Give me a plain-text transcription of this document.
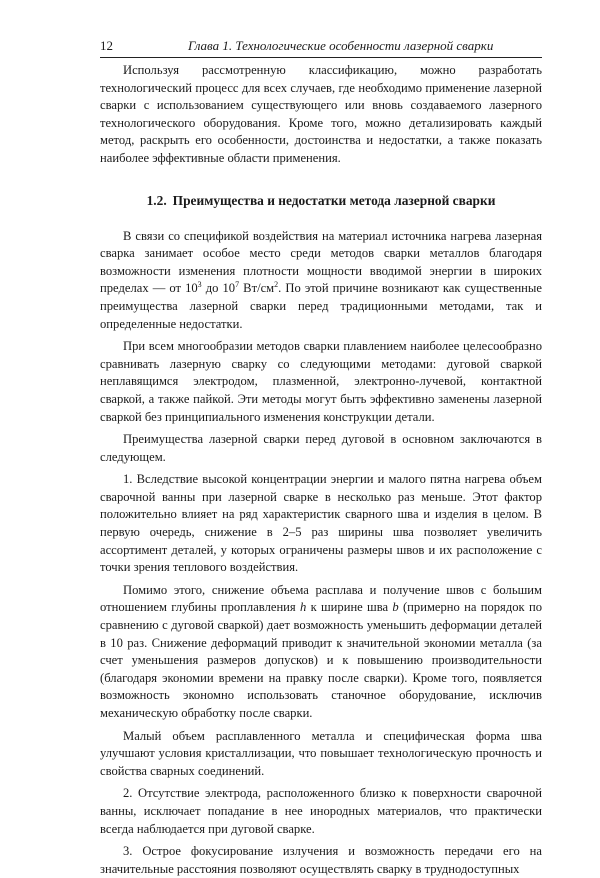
12	Глава 1. Технологические особенности лазерной сварки

Используя рассмотренную классификацию, можно разработать технологический процесс для всех случаев, где необходимо применение лазерной сварки с использованием существующего или вновь создаваемого лазерного технологического оборудования. Кроме того, можно детализировать каждый метод, раскрыть его особенности, достоинства и недостатки, а также показать наиболее эффективные области применения.

1.2. Преимущества и недостатки метода лазерной сварки

В связи со спецификой воздействия на материал источника нагрева лазерная сварка занимает особое место среди методов сварки металлов благодаря возможности изменения плотности мощности вводимой энергии в широких пределах — от $10^3$ до $10^7$ $Вт/см^2$. По этой причине возникают как существенные преимущества лазерной сварки перед традиционными методами, так и определенные недостатки.

При всем многообразии методов сварки плавлением наиболее целесообразно сравнивать лазерную сварку со следующими методами: дуговой сваркой неплавящимся электродом, плазменной, электронно-лучевой, контактной сваркой, а также пайкой. Эти методы могут быть эффективно заменены лазерной сваркой без принципиального изменения конструкции детали.

Преимущества лазерной сварки перед дуговой в основном заключаются в следующем.

1. Вследствие высокой концентрации энергии и малого пятна нагрева объем сварочной ванны при лазерной сварке в несколько раз меньше. Этот фактор положительно влияет на ряд характеристик сварного шва и изделия в целом. В первую очередь, снижение в 2–5 раз ширины шва позволяет увеличить ассортимент деталей, у которых ограничены размеры швов и их расположение с точки зрения теплового воздействия.

Помимо этого, снижение объема расплава и получение швов с большим отношением глубины проплавления h к ширине шва b (примерно на порядок по сравнению с дуговой сваркой) дает возможность уменьшить деформации деталей в 10 раз. Снижение деформаций приводит к значительной экономии металла (за счет уменьшения размеров допусков) и к повышению производительности (благодаря экономии времени на правку после сварки). Кроме того, появляется возможность экономно использовать станочное оборудование, исключив механическую обработку после сварки.

Малый объем расплавленного металла и специфическая форма шва улучшают условия кристаллизации, что повышает технологическую прочность и свойства сварных соединений.

2. Отсутствие электрода, расположенного близко к поверхности сварочной ванны, исключает попадание в нее инородных материалов, что практически всегда наблюдается при дуговой сварке.

3. Острое фокусирование излучения и возможность передачи его на значительные расстояния позволяют осуществлять сварку в труднодоступных
